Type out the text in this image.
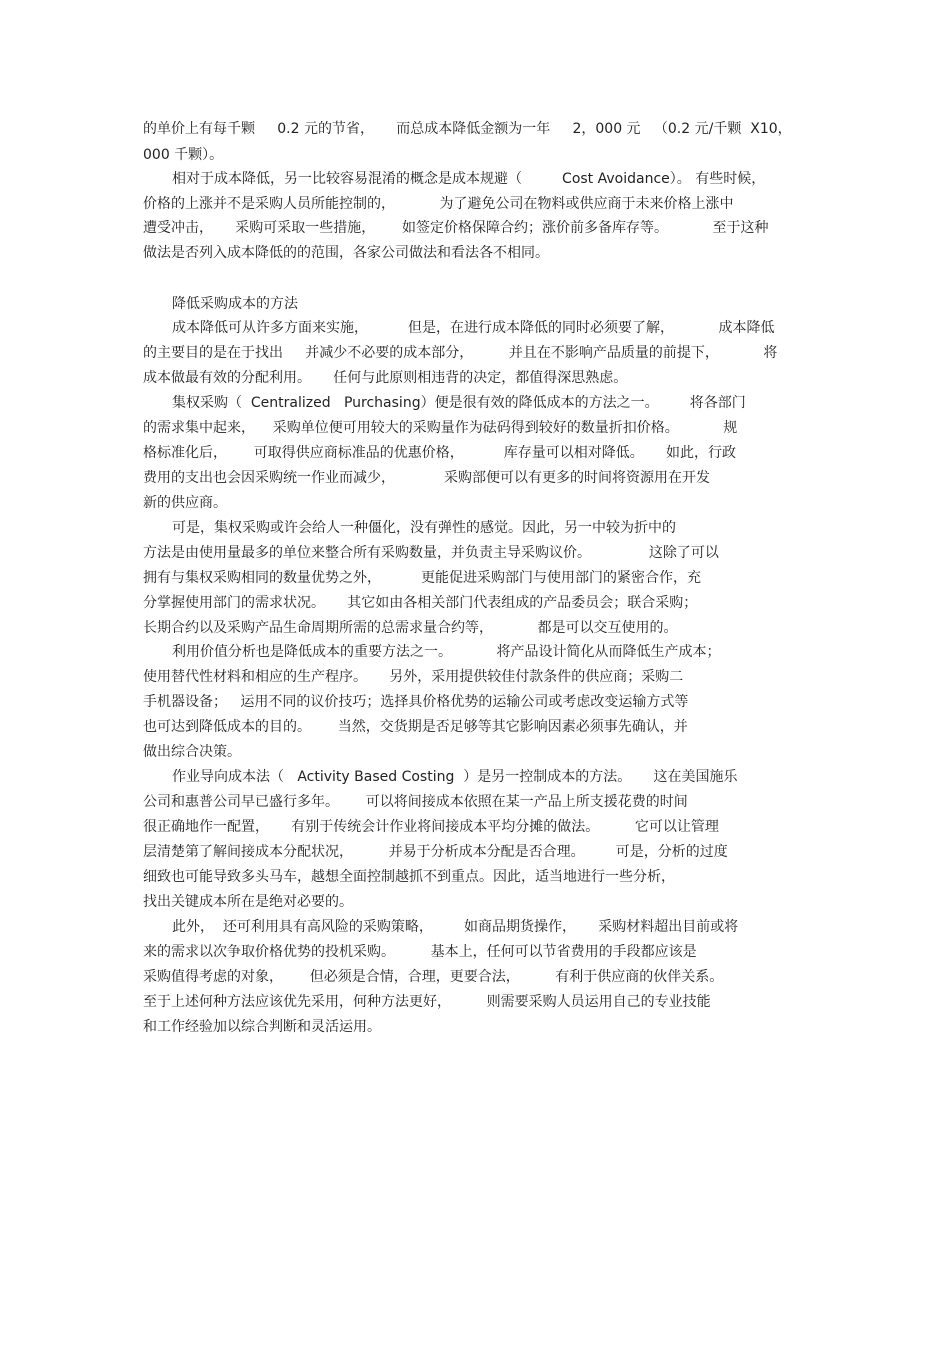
的单价上有每千颗     0.2 元的节省，     而总成本降低金额为一年     2，000 元   （0.2 元/千颗  X10，
000 千颗）。
相对于成本降低，另一比较容易混淆的概念是成本规避（         Cost Avoidance）。 有些时候，
价格的上涨并不是采购人员所能控制的，          为了避免公司在物料或供应商于未来价格上涨中
遭受冲击，     采购可采取一些措施，      如签定价格保障合约；涨价前多备库存等。          至于这种
做法是否列入成本降低的的范围，各家公司做法和看法各不相同。
降低采购成本的方法
成本降低可从许多方面来实施，         但是，在进行成本降低的同时必须要了解，          成本降低
的主要目的是在于找出     并减少不必要的成本部分，        并且在不影响产品质量的前提下，          将
成本做最有效的分配利用。     任何与此原则相违背的决定，都值得深思熟虑。
集权采购（  Centralized   Purchasing）便是很有效的降低成本的方法之一。       将各部门
的需求集中起来，    采购单位便可用较大的采购量作为砝码得到较好的数量折扣价格。          规
格标准化后，      可取得供应商标准品的优惠价格，         库存量可以相对降低。     如此，行政
费用的支出也会因采购统一作业而减少，           采购部便可以有更多的时间将资源用在开发
新的供应商。
可是，集权采购或许会给人一种僵化，没有弹性的感觉。因此，另一中较为折中的
方法是由使用量最多的单位来整合所有采购数量，并负责主导采购议价。             这除了可以
拥有与集权采购相同的数量优势之外，         更能促进采购部门与使用部门的紧密合作，充
分掌握使用部门的需求状况。     其它如由各相关部门代表组成的产品委员会；联合采购；
长期合约以及采购产品生命周期所需的总需求量合约等，          都是可以交互使用的。
利用价值分析也是降低成本的重要方法之一。          将产品设计简化从而降低生产成本；
使用替代性材料和相应的生产程序。     另外，采用提供较佳付款条件的供应商；采购二
手机器设备；   运用不同的议价技巧；选择具价格优势的运输公司或考虑改变运输方式等
也可达到降低成本的目的。      当然，交货期是否足够等其它影响因素必须事先确认，并
做出综合决策。
作业导向成本法（   Activity Based Costing  ）是另一控制成本的方法。     这在美国施乐
公司和惠普公司早已盛行多年。      可以将间接成本依照在某一产品上所支援花费的时间
很正确地作一配置，     有别于传统会计作业将间接成本平均分摊的做法。        它可以让管理
层清楚第了解间接成本分配状况，        并易于分析成本分配是否合理。       可是，分析的过度
细致也可能导致多头马车，越想全面控制越抓不到重点。因此，适当地进行一些分析，
找出关键成本所在是绝对必要的。
此外，  还可利用具有高风险的采购策略，       如商品期货操作，     采购材料超出目前或将
来的需求以次争取价格优势的投机采购。        基本上，任何可以节省费用的手段都应该是
采购值得考虑的对象，      但必须是合情，合理，更要合法，        有利于供应商的伙伴关系。
至于上述何种方法应该优先采用，何种方法更好，        则需要采购人员运用自己的专业技能
和工作经验加以综合判断和灵活运用。
